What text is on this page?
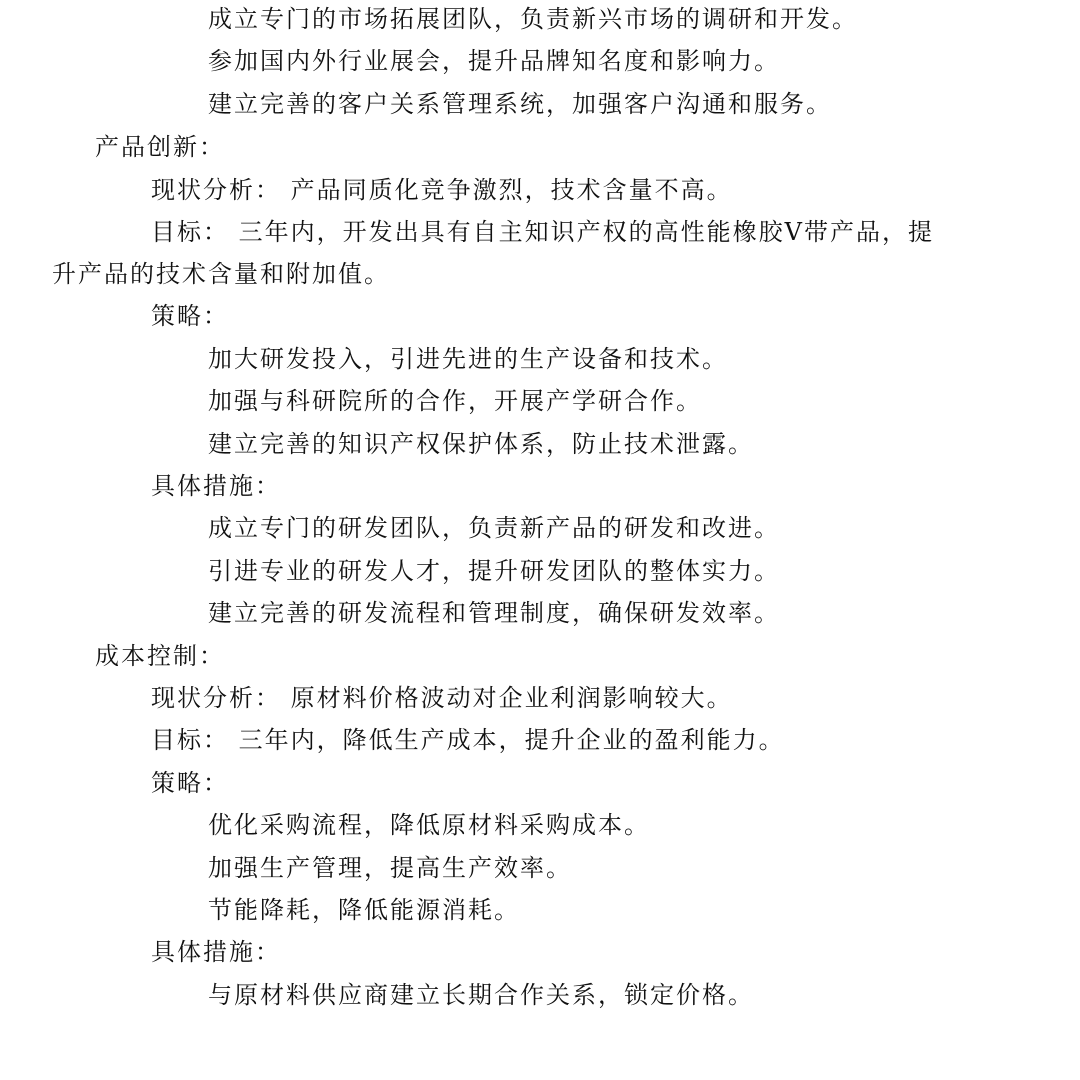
成立专门的市场拓展团队，负责新兴市场的调研和开发。
参加国内外行业展会，提升品牌知名度和影响力。
建立完善的客户关系管理系统，加强客户沟通和服务。
产品创新：
现状分析： 产品同质化竞争激烈，技术含量不高。
目标： 三年内，开发出具有自主知识产权的高性能橡胶Ⅴ带产品，提
升产品的技术含量和附加值。
策略：
加大研发投入，引进先进的生产设备和技术。
加强与科研院所的合作，开展产学研合作。
建立完善的知识产权保护体系，防止技术泄露。
具体措施：
成立专门的研发团队，负责新产品的研发和改进。
引进专业的研发人才，提升研发团队的整体实力。
建立完善的研发流程和管理制度，确保研发效率。
成本控制：
现状分析： 原材料价格波动对企业利润影响较大。
目标： 三年内，降低生产成本，提升企业的盈利能力。
策略：
优化采购流程，降低原材料采购成本。
加强生产管理，提高生产效率。
节能降耗，降低能源消耗。
具体措施：
与原材料供应商建立长期合作关系，锁定价格。
